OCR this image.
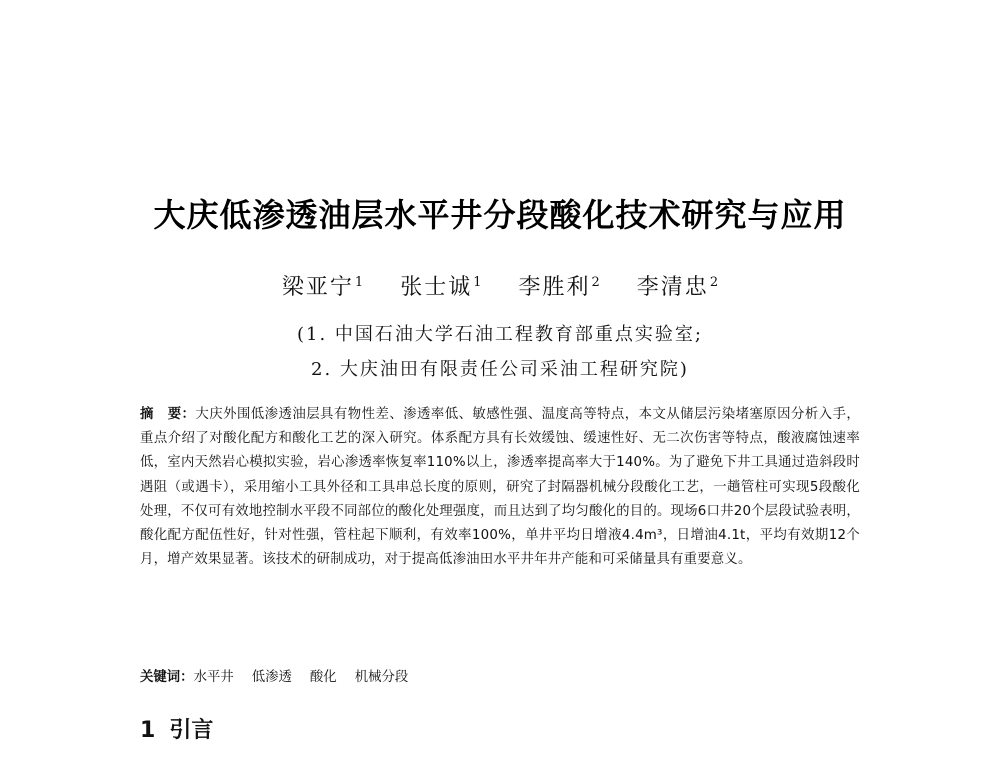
大庆低渗透油层水平井分段酸化技术研究与应用
梁亚宁$^1$ 张士诚$^1$ 李胜利$^2$ 李清忠$^2$
(1. 中国石油大学石油工程教育部重点实验室;
2. 大庆油田有限责任公司采油工程研究院)
摘　要：大庆外围低渗透油层具有物性差、渗透率低、敏感性强、温度高等特点，本文从储层污染堵塞原因分析入手，重点介绍了对酸化配方和酸化工艺的深入研究。体系配方具有长效缓蚀、缓速性好、无二次伤害等特点，酸液腐蚀速率低，室内天然岩心模拟实验，岩心渗透率恢复率110%以上，渗透率提高率大于140%。为了避免下井工具通过造斜段时遇阻（或遇卡），采用缩小工具外径和工具串总长度的原则，研究了封隔器机械分段酸化工艺，一趟管柱可实现5段酸化处理，不仅可有效地控制水平段不同部位的酸化处理强度，而且达到了均匀酸化的目的。现场6口井20个层段试验表明，酸化配方配伍性好，针对性强，管柱起下顺利，有效率100%，单井平均日增液4.4m³，日增油4.1t，平均有效期12个月，增产效果显著。该技术的研制成功，对于提高低渗油田水平井年井产能和可采储量具有重要意义。
关键词：水平井 低渗透 酸化 机械分段
1 引言
